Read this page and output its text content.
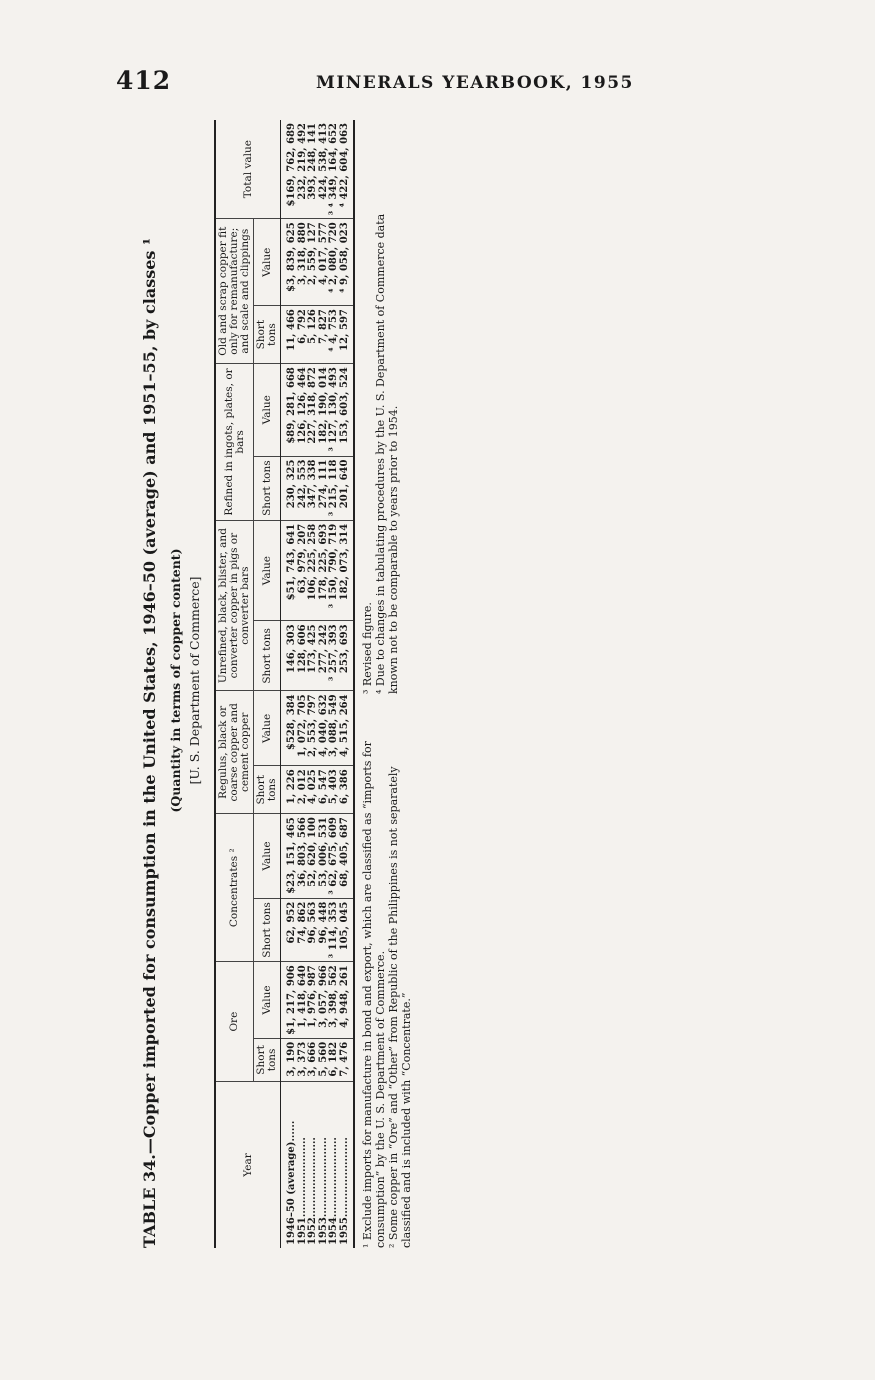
412	MINERALS YEARBOOK, 1955
TABLE 34.—Copper imported for consumption in the United States, 1946–50 (average) and 1951–55, by classes ¹ (Quantity in terms of copper content) [U. S. Department of Commerce]
Year	Ore		Concentrates ²		Regulus, black or coarse copper and cement copper		Unrefined, black, blister, and converter copper in pigs or converter bars		Refined in ingots, plates, or bars		Old and scrap copper fit only for remanufacture; and scale and clippings		Total value
	Short tons	Value	Short tons	Value	Short tons	Value	Short tons	Value	Short tons	Value	Short tons	Value	
1946–50 (average)......	3, 190	$1, 217, 906	62, 952	$23, 151, 465	1, 226	$528, 384	146, 303	$51, 743, 641	230, 325	$89, 281, 668	11, 466	$3, 839, 625	$169, 762, 689
1951.......................	3, 373	1, 418, 640	74, 862	36, 803, 566	2, 012	1, 072, 705	128, 606	63, 979, 207	242, 553	126, 126, 464	6, 792	3, 318, 880	232, 219, 492
1952.......................	3, 666	1, 976, 987	96, 563	52, 620, 100	4, 025	2, 553, 797	173, 425	106, 225, 258	347, 338	227, 318, 872	5, 126	2, 559, 127	393, 248, 141
1953.......................	5, 560	3, 057, 966	96, 448	53, 006, 531	6, 547	4, 040, 632	277, 242	178, 225, 693	274, 111	182, 190, 014	7, 827	4, 017, 577	424, 538, 413
1954.......................	6, 182	3, 398, 562	³ 114, 353	³ 62, 675, 609	5, 403	3, 088, 549	³ 257, 393	³ 150, 790, 719	³ 215, 118	³ 127, 130, 493	⁴ 4, 753	⁴ 2, 080, 720	³ ⁴ 349, 164, 652
1955.......................	7, 476	4, 948, 261	105, 045	68, 405, 687	6, 386	4, 515, 264	253, 693	182, 073, 314	201, 640	153, 603, 524	12, 597	⁴ 9, 058, 023	⁴ 422, 604, 063

¹ Exclude imports for manufacture in bond and export, which are classified as “imports for consumption” by the U. S. Department of Commerce. ² Some copper in “Ore” and “Other” from Republic of the Philippines is not separately classified and is included with “Concentrate.”

³ Revised figure. ⁴ Due to changes in tabulating procedures by the U. S. Department of Commerce data known not to be comparable to years prior to 1954.
